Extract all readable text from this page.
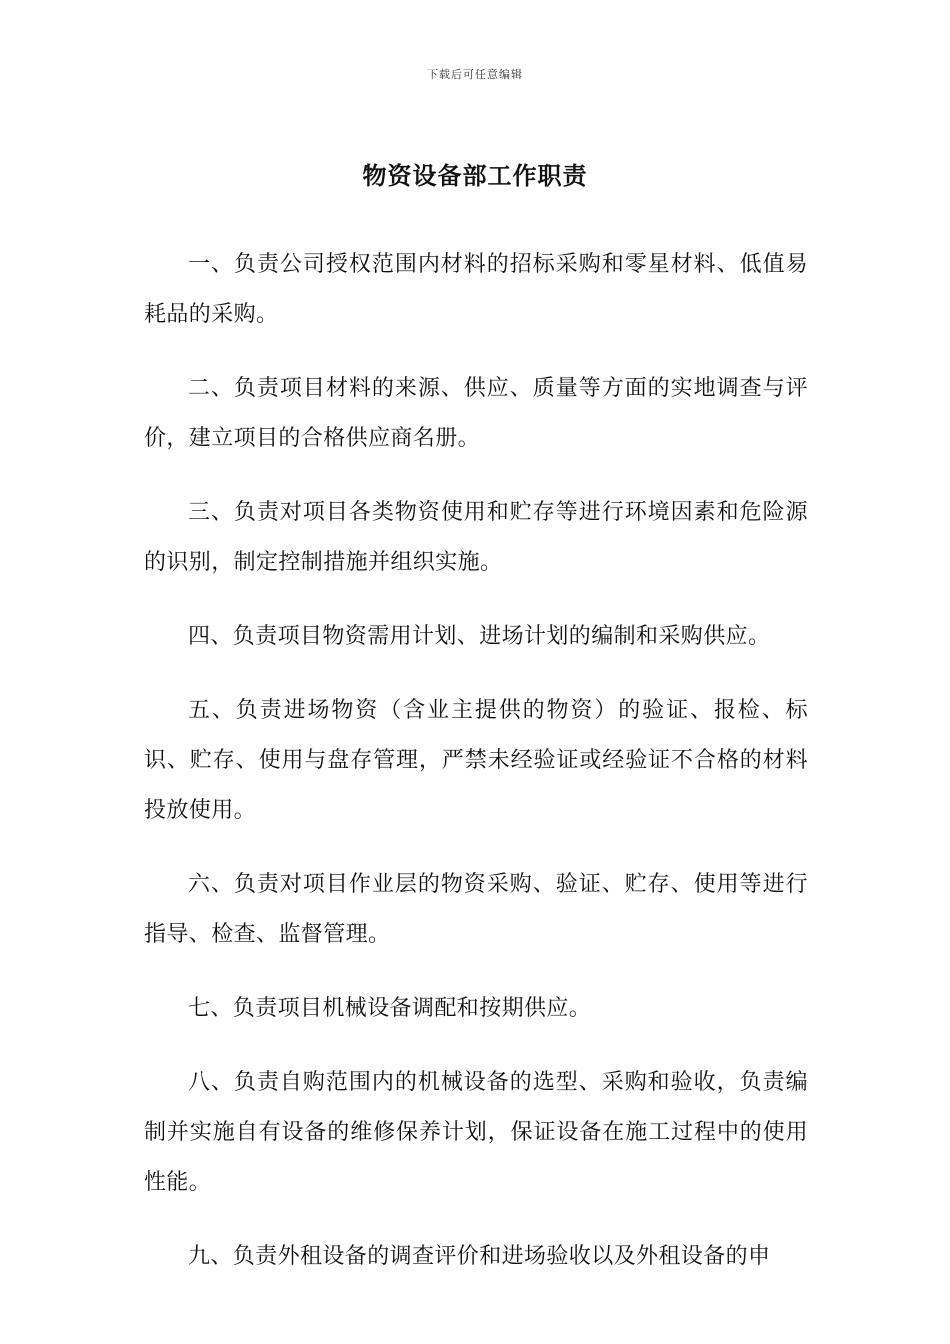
下载后可任意编辑
物资设备部工作职责

一、负责公司授权范围内材料的招标采购和零星材料、低值易耗品的采购。

二、负责项目材料的来源、供应、质量等方面的实地调查与评价，建立项目的合格供应商名册。

三、负责对项目各类物资使用和贮存等进行环境因素和危险源的识别，制定控制措施并组织实施。

四、负责项目物资需用计划、进场计划的编制和采购供应。

五、负责进场物资（含业主提供的物资）的验证、报检、标识、贮存、使用与盘存管理，严禁未经验证或经验证不合格的材料投放使用。

六、负责对项目作业层的物资采购、验证、贮存、使用等进行指导、检查、监督管理。

七、负责项目机械设备调配和按期供应。

八、负责自购范围内的机械设备的选型、采购和验收，负责编制并实施自有设备的维修保养计划，保证设备在施工过程中的使用性能。

九、负责外租设备的调查评价和进场验收以及外租设备的申
